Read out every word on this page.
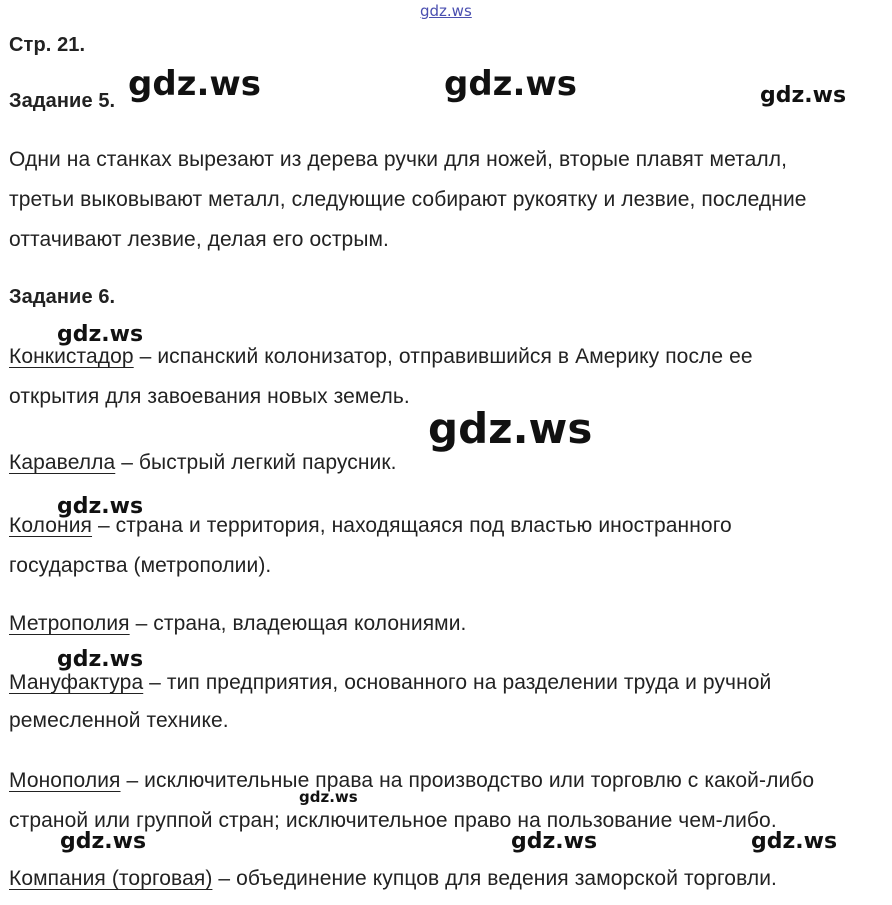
gdz.ws
Стр. 21.
Задание 5.
Одни на станках вырезают из дерева ручки для ножей, вторые плавят металл,
третьи выковывают металл, следующие собирают рукоятку и лезвие, последние
оттачивают лезвие, делая его острым.
Задание 6.
Конкистадор – испанский колонизатор, отправившийся в Америку после ее
открытия для завоевания новых земель.
Каравелла – быстрый легкий парусник.
Колония – страна и территория, находящаяся под властью иностранного
государства (метрополии).
Метрополия – страна, владеющая колониями.
Мануфактура – тип предприятия, основанного на разделении труда и ручной
ремесленной технике.
Монополия – исключительные права на производство или торговлю с какой-либо
страной или группой стран; исключительное право на пользование чем-либо.
Компания (торговая) – объединение купцов для ведения заморской торговли.
gdz.ws	gdz.ws	gdz.ws
gdz.ws
gdz.ws
gdz.ws
gdz.ws
gdz.ws
gdz.ws	gdz.ws	gdz.ws
